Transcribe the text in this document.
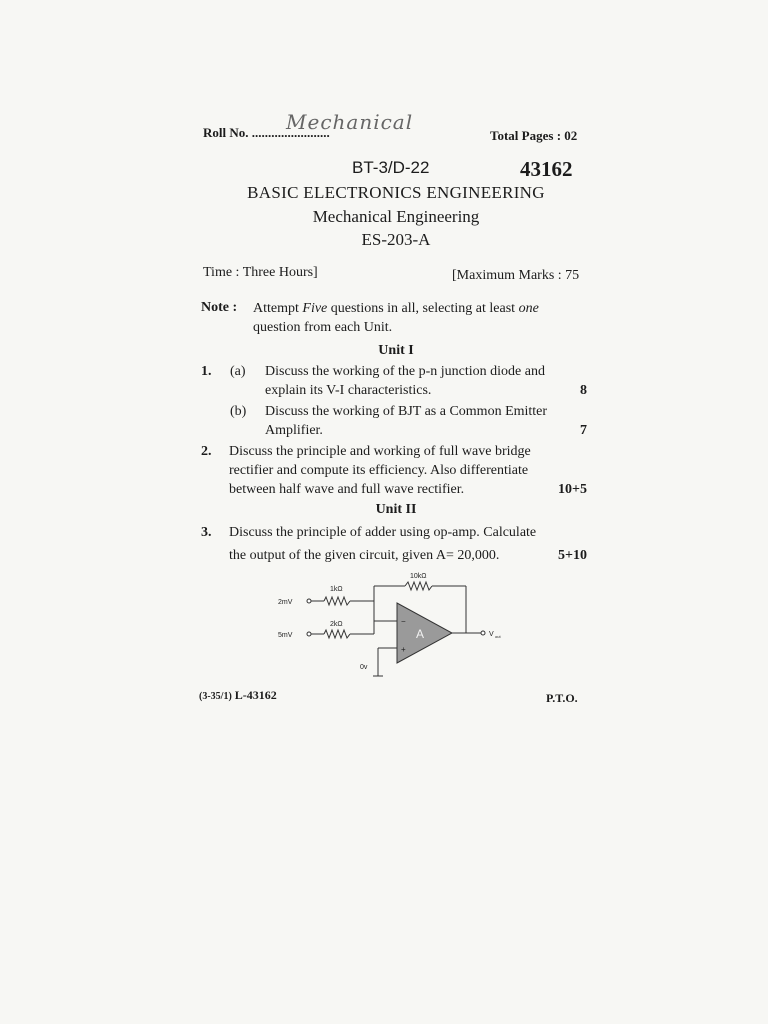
Roll No. ........................
Mechanical
Total Pages : 02
BT-3/D-22	43162
BASIC ELECTRONICS ENGINEERING
Mechanical Engineering
ES-203-A
Time : Three Hours]	[Maximum Marks : 75
Note : Attempt Five questions in all, selecting at least one
question from each Unit.
Unit I
1. (a) Discuss the working of the p-n junction diode and
explain its V-I characteristics.	8
(b) Discuss the working of BJT as a Common Emitter
Amplifier.	7
2. Discuss the principle and working of full wave bridge
rectifier and compute its efficiency. Also differentiate
between half wave and full wave rectifier.	10+5
Unit II
3. Discuss the principle of adder using op-amp. Calculate
the output of the given circuit, given A= 20,000.	5+10
−
+
10kΩ
1kΩ
2kΩ
2mV
5mV
0v
A	V out
(3-35/1) L-43162	P.T.O.
